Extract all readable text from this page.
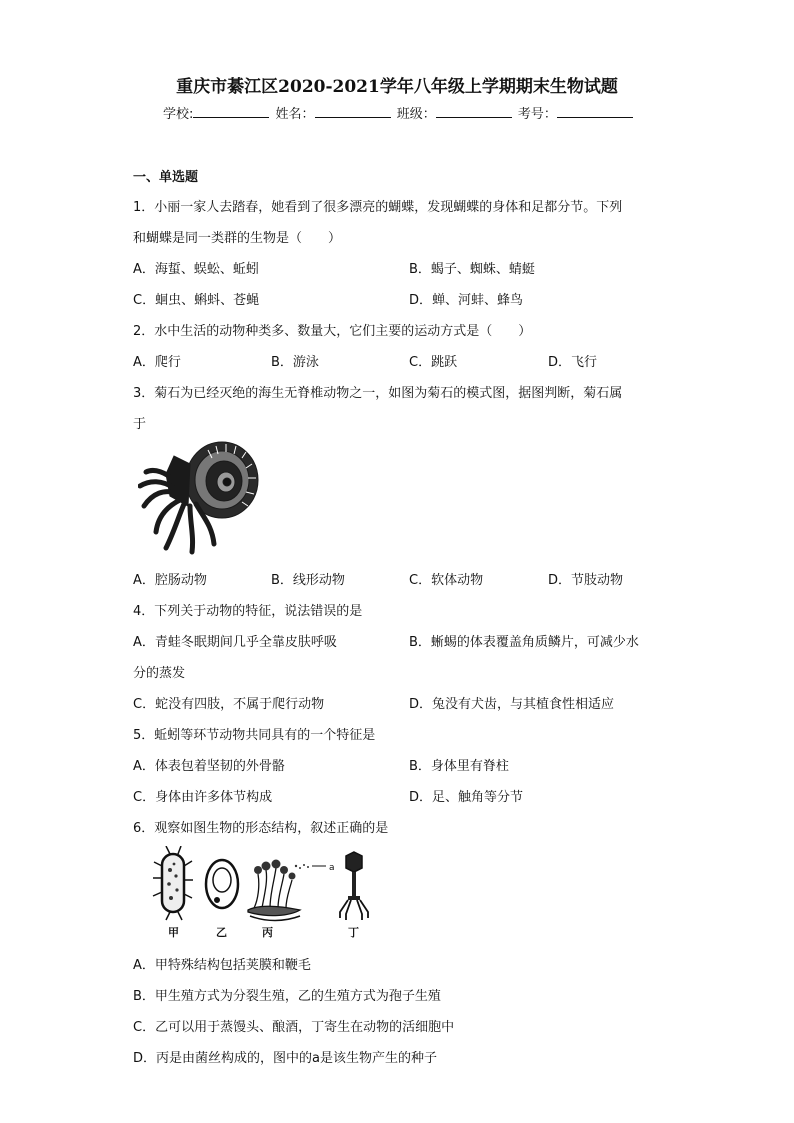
重庆市綦江区2020-2021学年八年级上学期期末生物试题
学校:	姓名：	班级：	考号：
一、单选题
1．小丽一家人去踏春，她看到了很多漂亮的蝴蝶，发现蝴蝶的身体和足都分节。下列
和蝴蝶是同一类群的生物是（　　）
A．海蜇、蜈蚣、蚯蚓	B．蝎子、蜘蛛、蜻蜓
C．蛔虫、蝌蚪、苍蝇	D．蝉、河蚌、蜂鸟
2．水中生活的动物种类多、数量大，它们主要的运动方式是（　　）
A．爬行	B．游泳	C．跳跃	D．飞行
3．菊石为已经灭绝的海生无脊椎动物之一，如图为菊石的模式图，据图判断，菊石属
于
A．腔肠动物	B．线形动物	C．软体动物	D．节肢动物
4．下列关于动物的特征，说法错误的是
A．青蛙冬眠期间几乎全靠皮肤呼吸	B．蜥蜴的体表覆盖角质鳞片，可减少水
分的蒸发
C．蛇没有四肢，不属于爬行动物	D．兔没有犬齿，与其植食性相适应
5．蚯蚓等环节动物共同具有的一个特征是
A．体表包着坚韧的外骨骼	B．身体里有脊柱
C．身体由许多体节构成	D．足、触角等分节
6．观察如图生物的形态结构，叙述正确的是
a
甲	乙	丙	丁
A．甲特殊结构包括荚膜和鞭毛
B．甲生殖方式为分裂生殖，乙的生殖方式为孢子生殖
C．乙可以用于蒸馒头、酿酒，丁寄生在动物的活细胞中
D．丙是由菌丝构成的，图中的a是该生物产生的种子
